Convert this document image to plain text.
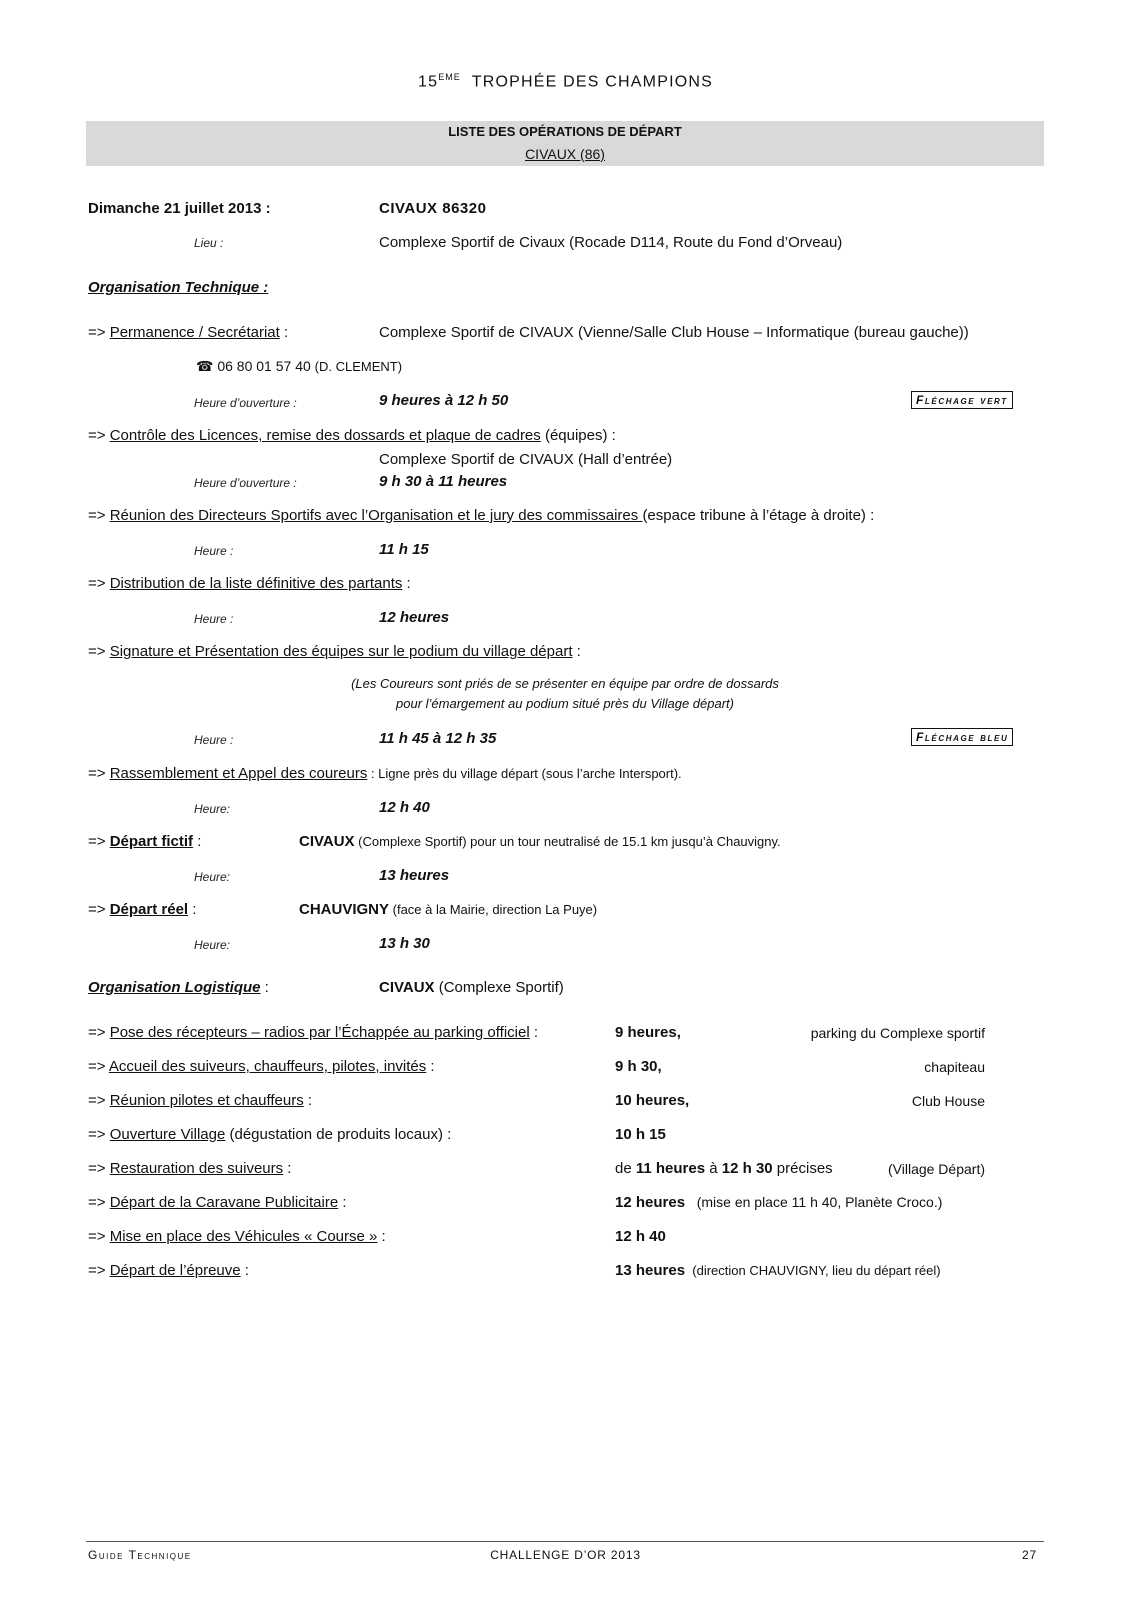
15EME TROPHÉE DES CHAMPIONS
LISTE DES OPÉRATIONS DE DÉPART
CIVAUX (86)
Dimanche 21 juillet 2013 :	CIVAUX 86320
Lieu :	Complexe Sportif de Civaux (Rocade D114, Route du Fond d’Orveau)
Organisation Technique :
=> Permanence / Secrétariat :	Complexe Sportif de CIVAUX (Vienne/Salle Club House – Informatique (bureau gauche))
☎ 06 80 01 57 40 (D. CLEMENT)
Heure d’ouverture :	9 heures à 12 h 50	Fléchage vert
=> Contrôle des Licences, remise des dossards et plaque de cadres (équipes) :
Complexe Sportif de CIVAUX (Hall d’entrée)
Heure d’ouverture :	9 h 30 à 11 heures
=> Réunion des Directeurs Sportifs avec l’Organisation et le jury des commissaires (espace tribune à l’étage à droite) :
Heure :	11 h 15
=> Distribution de la liste définitive des partants :
Heure :	12 heures
=> Signature et Présentation des équipes sur le podium du village départ :
(Les Coureurs sont priés de se présenter en équipe par ordre de dossards
pour l’émargement au podium situé près du Village départ)
Heure :	11 h 45 à 12 h 35	Fléchage bleu
=> Rassemblement et Appel des coureurs : Ligne près du village départ (sous l’arche Intersport).
Heure:	12 h 40
=> Départ fictif :	CIVAUX (Complexe Sportif) pour un tour neutralisé de 15.1 km jusqu’à Chauvigny.
Heure:	13 heures
=> Départ réel :	CHAUVIGNY (face à la Mairie, direction La Puye)
Heure:	13 h 30
Organisation Logistique :	CIVAUX (Complexe Sportif)
=> Pose des récepteurs – radios par l’Échappée au parking officiel :	9 heures,	parking du Complexe sportif
=> Accueil des suiveurs, chauffeurs, pilotes, invités :	9 h 30,	chapiteau
=> Réunion pilotes et chauffeurs :	10 heures,	Club House
=> Ouverture Village (dégustation de produits locaux) :	10 h 15
=> Restauration des suiveurs :	de 11 heures à 12 h 30 précises	(Village Départ)
=> Départ de la Caravane Publicitaire :	12 heures   (mise en place 11 h 40, Planète Croco.)
=> Mise en place des Véhicules « Course » :	12 h 40
=> Départ de l’épreuve :	13 heures  (direction CHAUVIGNY, lieu du départ réel)
Guide Technique	CHALLENGE D’OR 2013	27
